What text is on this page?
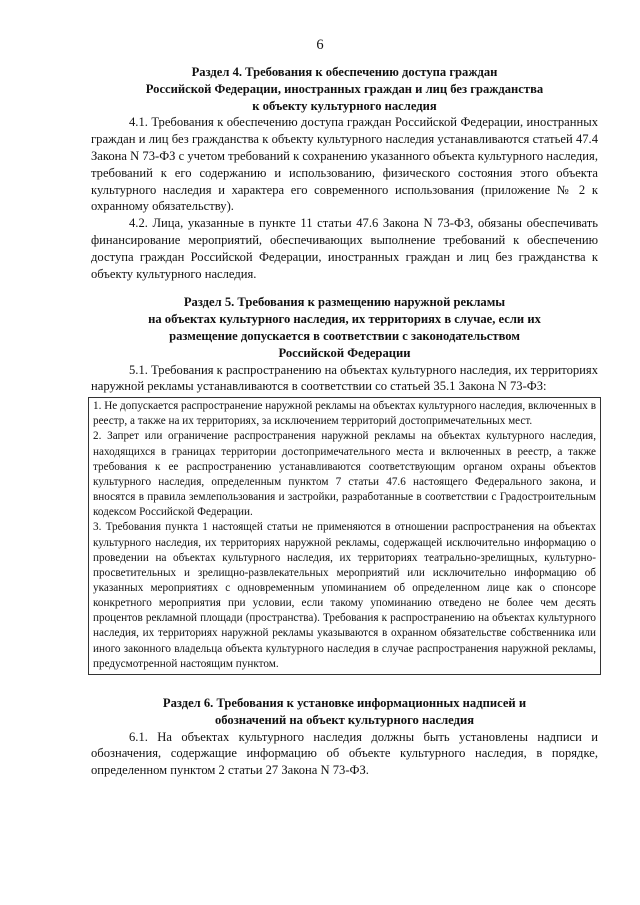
6
Раздел 4. Требования к обеспечению доступа граждан
Российской Федерации, иностранных граждан и лиц без гражданства
к объекту культурного наследия

4.1. Требования к обеспечению доступа граждан Российской Федерации, иностранных граждан и лиц без гражданства к объекту культурного наследия устанавливаются статьей 47.4 Закона N 73-ФЗ с учетом требований к сохранению указанного объекта культурного наследия, требований к его содержанию и использованию, физического состояния этого объекта культурного наследия и характера его современного использования (приложение № 2 к охранному обязательству).

4.2. Лица, указанные в пункте 11 статьи 47.6 Закона N 73-ФЗ, обязаны обеспечивать финансирование мероприятий, обеспечивающих выполнение требований к обеспечению доступа граждан Российской Федерации, иностранных граждан и лиц без гражданства к объекту культурного наследия.

Раздел 5. Требования к размещению наружной рекламы
на объектах культурного наследия, их территориях в случае, если их
размещение допускается в соответствии с законодательством
Российской Федерации

5.1. Требования к распространению на объектах культурного наследия, их территориях наружной рекламы устанавливаются в соответствии со статьей 35.1 Закона N 73-ФЗ:

1. Не допускается распространение наружной рекламы на объектах культурного наследия, включенных в реестр, а также на их территориях, за исключением территорий достопримечательных мест.

2. Запрет или ограничение распространения наружной рекламы на объектах культурного наследия, находящихся в границах территории достопримечательного места и включенных в реестр, а также требования к ее распространению устанавливаются соответствующим органом охраны объектов культурного наследия, определенным пунктом 7 статьи 47.6 настоящего Федерального закона, и вносятся в правила землепользования и застройки, разработанные в соответствии с Градостроительным кодексом Российской Федерации.

3. Требования пункта 1 настоящей статьи не применяются в отношении распространения на объектах культурного наследия, их территориях наружной рекламы, содержащей исключительно информацию о проведении на объектах культурного наследия, их территориях театрально-зрелищных, культурно-просветительных и зрелищно-развлекательных мероприятий или исключительно информацию об указанных мероприятиях с одновременным упоминанием об определенном лице как о спонсоре конкретного мероприятия при условии, если такому упоминанию отведено не более чем десять процентов рекламной площади (пространства). Требования к распространению на объектах культурного наследия, их территориях наружной рекламы указываются в охранном обязательстве собственника или иного законного владельца объекта культурного наследия в случае распространения наружной рекламы, предусмотренной настоящим пунктом.

Раздел 6. Требования к установке информационных надписей и
обозначений на объект культурного наследия

6.1. На объектах культурного наследия должны быть установлены надписи и обозначения, содержащие информацию об объекте культурного наследия, в порядке, определенном пунктом 2 статьи 27 Закона N 73-ФЗ.
